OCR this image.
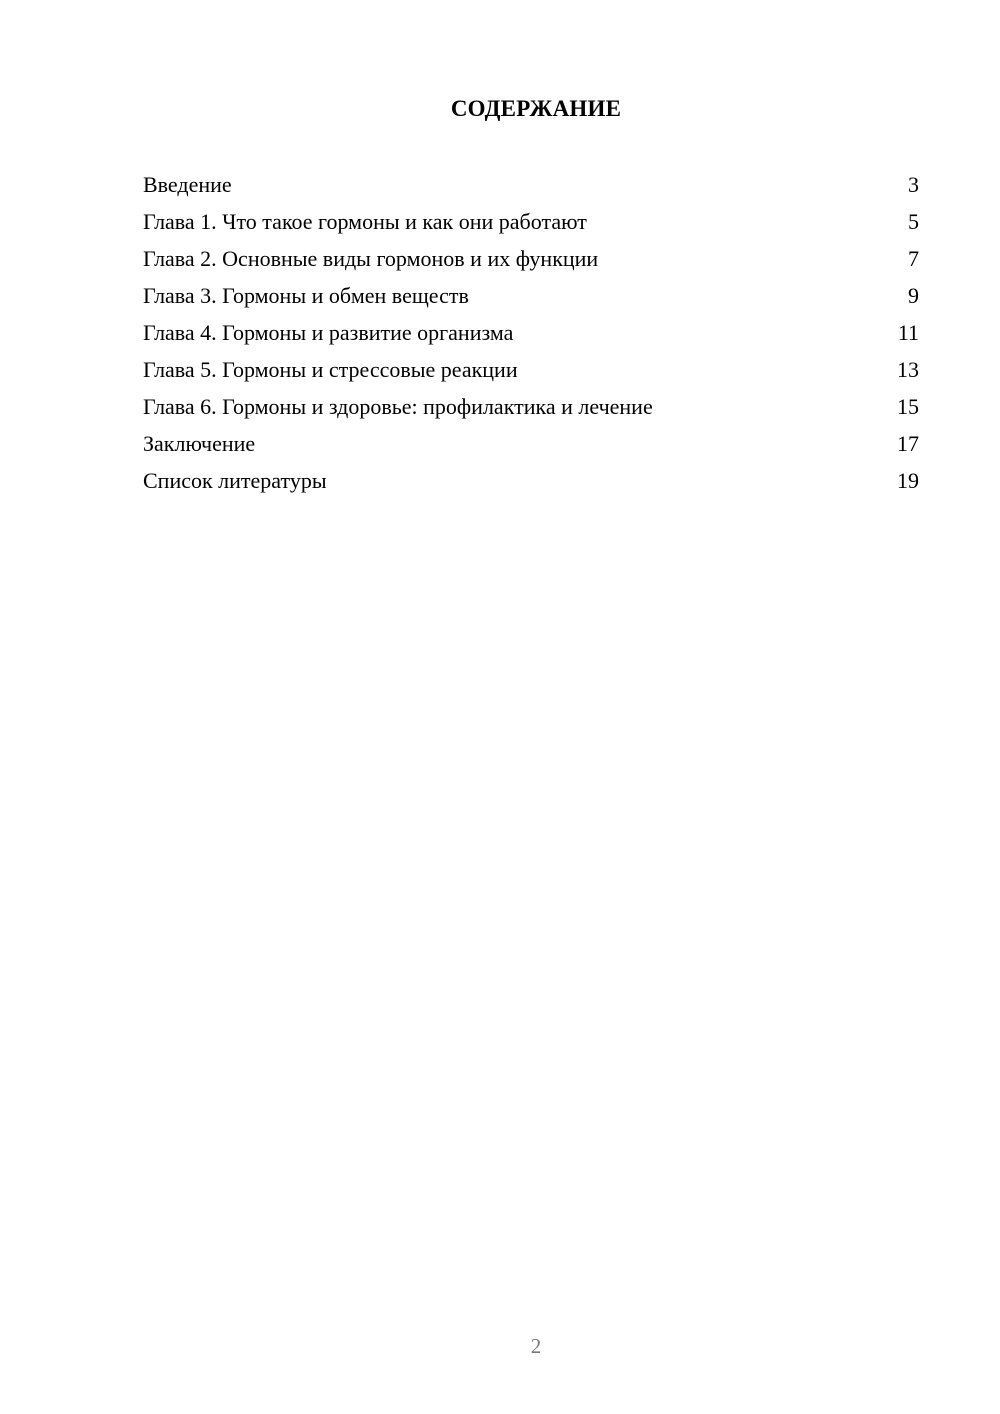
СОДЕРЖАНИЕ
Введение	3
Глава 1. Что такое гормоны и как они работают	5
Глава 2. Основные виды гормонов и их функции	7
Глава 3. Гормоны и обмен веществ	9
Глава 4. Гормоны и развитие организма	11
Глава 5. Гормоны и стрессовые реакции	13
Глава 6. Гормоны и здоровье: профилактика и лечение	15
Заключение	17
Список литературы	19
2
